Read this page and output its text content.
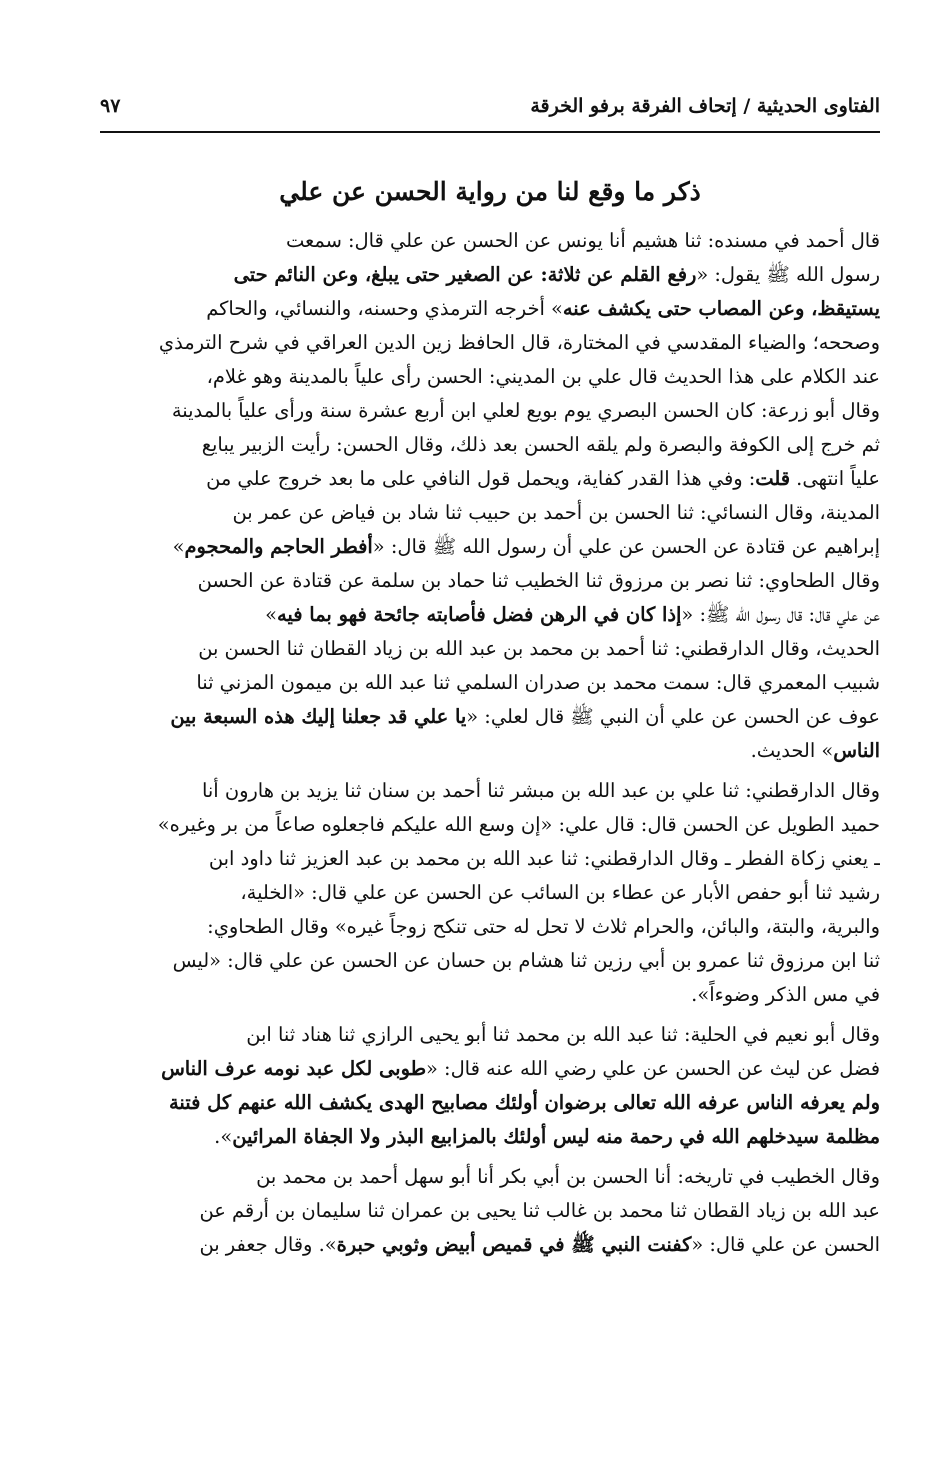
الفتاوى الحديثية / إتحاف الفرقة برفو الخرقة
٩٧
ذكر ما وقع لنا من رواية الحسن عن علي
قال أحمد في مسنده: ثنا هشيم أنا يونس عن الحسن عن علي قال: سمعت
رسول الله ﷺ يقول: «رفع القلم عن ثلاثة: عن الصغير حتى يبلغ، وعن النائم حتى
يستيقظ، وعن المصاب حتى يكشف عنه» أخرجه الترمذي وحسنه، والنسائي، والحاكم
وصححه؛ والضياء المقدسي في المختارة، قال الحافظ زين الدين العراقي في شرح الترمذي
عند الكلام على هذا الحديث قال علي بن المديني: الحسن رأى علياً بالمدينة وهو غلام،
وقال أبو زرعة: كان الحسن البصري يوم بويع لعلي ابن أربع عشرة سنة ورأى علياً بالمدينة
ثم خرج إلى الكوفة والبصرة ولم يلقه الحسن بعد ذلك، وقال الحسن: رأيت الزبير يبايع
علياً انتهى. قلت: وفي هذا القدر كفاية، ويحمل قول النافي على ما بعد خروج علي من
المدينة، وقال النسائي: ثنا الحسن بن أحمد بن حبيب ثنا شاد بن فياض عن عمر بن
إبراهيم عن قتادة عن الحسن عن علي أن رسول الله ﷺ قال: «أفطر الحاجم والمحجوم»
وقال الطحاوي: ثنا نصر بن مرزوق ثنا الخطيب ثنا حماد بن سلمة عن قتادة عن الحسن
عن علي قال: قال رسول الله ﷺ: «إذا كان في الرهن فضل فأصابته جائحة فهو بما فيه»
الحديث، وقال الدارقطني: ثنا أحمد بن محمد بن عبد الله بن زياد القطان ثنا الحسن بن
شبيب المعمري قال: سمت محمد بن صدران السلمي ثنا عبد الله بن ميمون المزني ثنا
عوف عن الحسن عن علي أن النبي ﷺ قال لعلي: «يا علي قد جعلنا إليك هذه السبعة بين
الناس» الحديث.
وقال الدارقطني: ثنا علي بن عبد الله بن مبشر ثنا أحمد بن سنان ثنا يزيد بن هارون أنا
حميد الطويل عن الحسن قال: قال علي: «إن وسع الله عليكم فاجعلوه صاعاً من بر وغيره»
ـ يعني زكاة الفطر ـ وقال الدارقطني: ثنا عبد الله بن محمد بن عبد العزيز ثنا داود ابن
رشيد ثنا أبو حفص الأبار عن عطاء بن السائب عن الحسن عن علي قال: «الخلية،
والبرية، والبتة، والبائن، والحرام ثلاث لا تحل له حتى تنكح زوجاً غيره» وقال الطحاوي:
ثنا ابن مرزوق ثنا عمرو بن أبي رزين ثنا هشام بن حسان عن الحسن عن علي قال: «ليس
في مس الذكر وضوءاً».
وقال أبو نعيم في الحلية: ثنا عبد الله بن محمد ثنا أبو يحيى الرازي ثنا هناد ثنا ابن
فضل عن ليث عن الحسن عن علي رضي الله عنه قال: «طوبى لكل عبد نومه عرف الناس
ولم يعرفه الناس عرفه الله تعالى برضوان أولئك مصابيح الهدى يكشف الله عنهم كل فتنة
مظلمة سيدخلهم الله في رحمة منه ليس أولئك بالمزابيع البذر ولا الجفاة المرائين».
وقال الخطيب في تاريخه: أنا الحسن بن أبي بكر أنا أبو سهل أحمد بن محمد بن
عبد الله بن زياد القطان ثنا محمد بن غالب ثنا يحيى بن عمران ثنا سليمان بن أرقم عن
الحسن عن علي قال: «كفنت النبي ﷺ في قميص أبيض وثوبي حبرة». وقال جعفر بن
